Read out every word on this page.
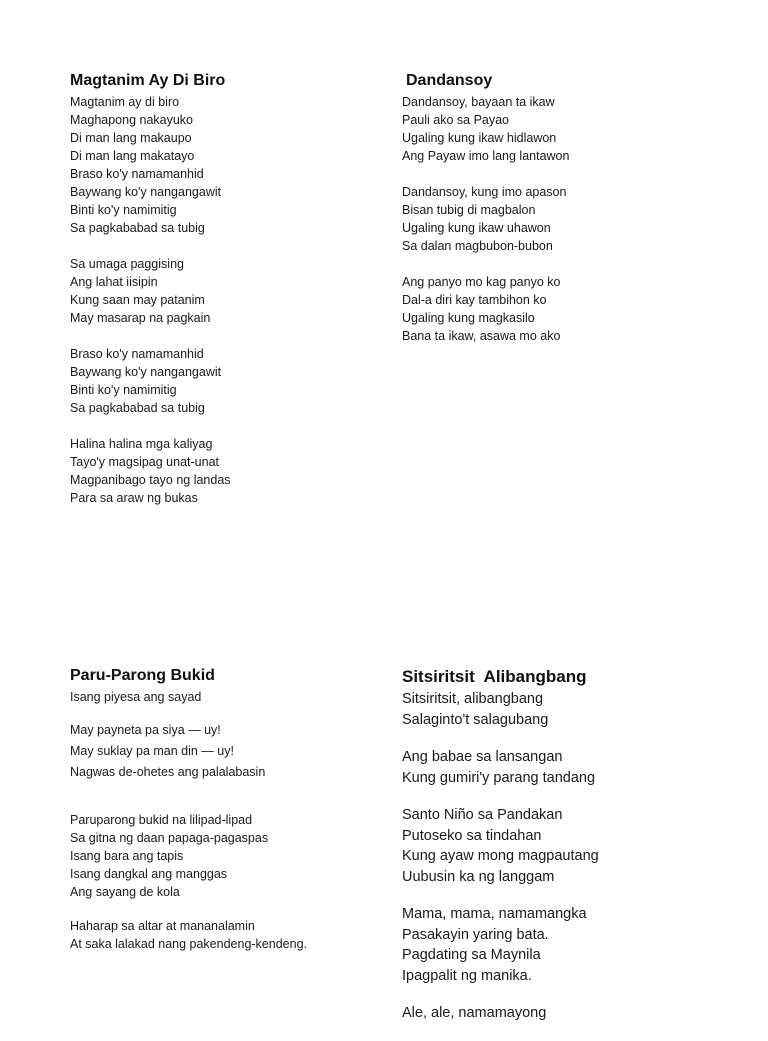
Magtanim Ay Di Biro
Magtanim ay di biro
Maghapong nakayuko
Di man lang makaupo
Di man lang makatayo
Braso ko'y namamanhid
Baywang ko'y nangangawit
Binti ko'y namimitig
Sa pagkababad sa tubig
Sa umaga paggising
Ang lahat iisipin
Kung saan may patanim
May masarap na pagkain
Braso ko'y namamanhid
Baywang ko'y nangangawit
Binti ko'y namimitig
Sa pagkababad sa tubig
Halina halina mga kaliyag
Tayo'y magsipag unat-unat
Magpanibago tayo ng landas
Para sa araw ng bukas
Dandansoy
Dandansoy, bayaan ta ikaw
Pauli ako sa Payao
Ugaling kung ikaw hidlawon
Ang Payaw imo lang lantawon
Dandansoy, kung imo apason
Bisan tubig di magbalon
Ugaling kung ikaw uhawon
Sa dalan magbubon-bubon
Ang panyo mo kag panyo ko
Dal-a diri kay tambihon ko
Ugaling kung magkasilo
Bana ta ikaw, asawa mo ako
Paru-Parong Bukid
Isang piyesa ang sayad
May payneta pa siya — uy!
May suklay pa man din — uy!
Nagwas de-ohetes ang palalabasin
Paruparong bukid na lilipad-lipad
Sa gitna ng daan papaga-pagaspas
Isang bara ang tapis
Isang dangkal ang manggas
Ang sayang de kola
Haharap sa altar at mananalamin
At saka lalakad nang pakendeng-kendeng.
Sitsiritsit  Alibangbang
Sitsiritsit, alibangbang
Salaginto't salagubang
Ang babae sa lansangan
Kung gumiri'y parang tandang
Santo Niño sa Pandakan
Putoseko sa tindahan
Kung ayaw mong magpautang
Uubusin ka ng langgam
Mama, mama, namamangka
Pasakayin yaring bata.
Pagdating sa Maynila
Ipagpalit ng manika.
Ale, ale, namamayong
